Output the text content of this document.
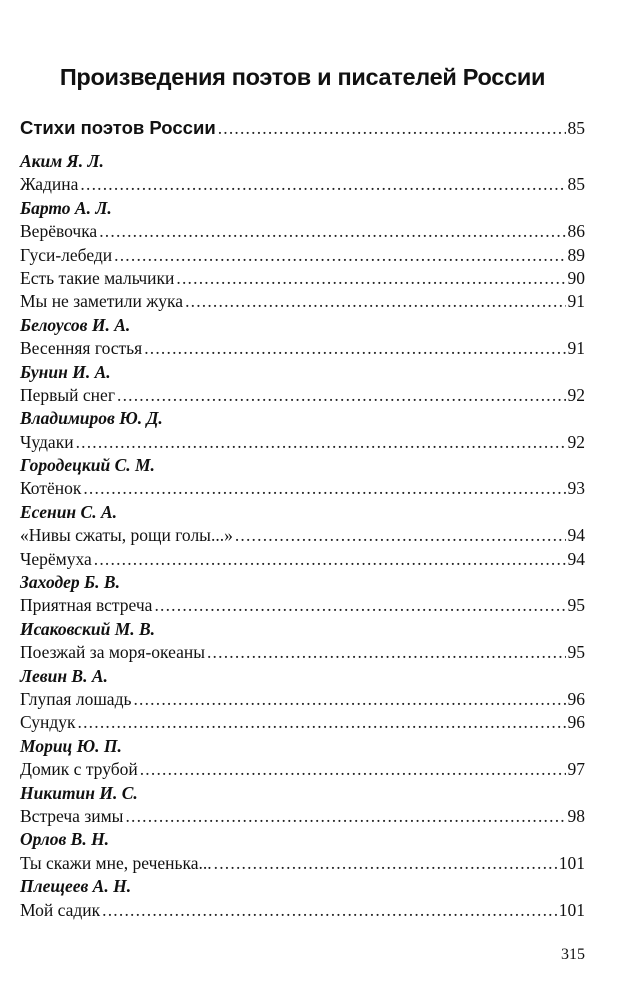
Произведения поэтов и писателей России
Стихи поэтов России .....	85
Аким Я. Л.
Жадина .....	85
Барто А. Л.
Верёвочка .....	86
Гуси-лебеди .....	89
Есть такие мальчики .....	90
Мы не заметили жука .....	91
Белоусов И. А.
Весенняя гостья .....	91
Бунин И. А.
Первый снег .....	92
Владимиров Ю. Д.
Чудаки .....	92
Городецкий С. М.
Котёнок .....	93
Есенин С. А.
«Нивы сжаты, рощи голы...» .....	94
Черёмуха .....	94
Заходер Б. В.
Приятная встреча .....	95
Исаковский М. В.
Поезжай за моря-океаны .....	95
Левин В. А.
Глупая лошадь .....	96
Сундук .....	96
Мориц Ю. П.
Домик с трубой .....	97
Никитин И. С.
Встреча зимы .....	98
Орлов В. Н.
Ты скажи мне, реченька... .....	101
Плещеев А. Н.
Мой садик .....	101
315
